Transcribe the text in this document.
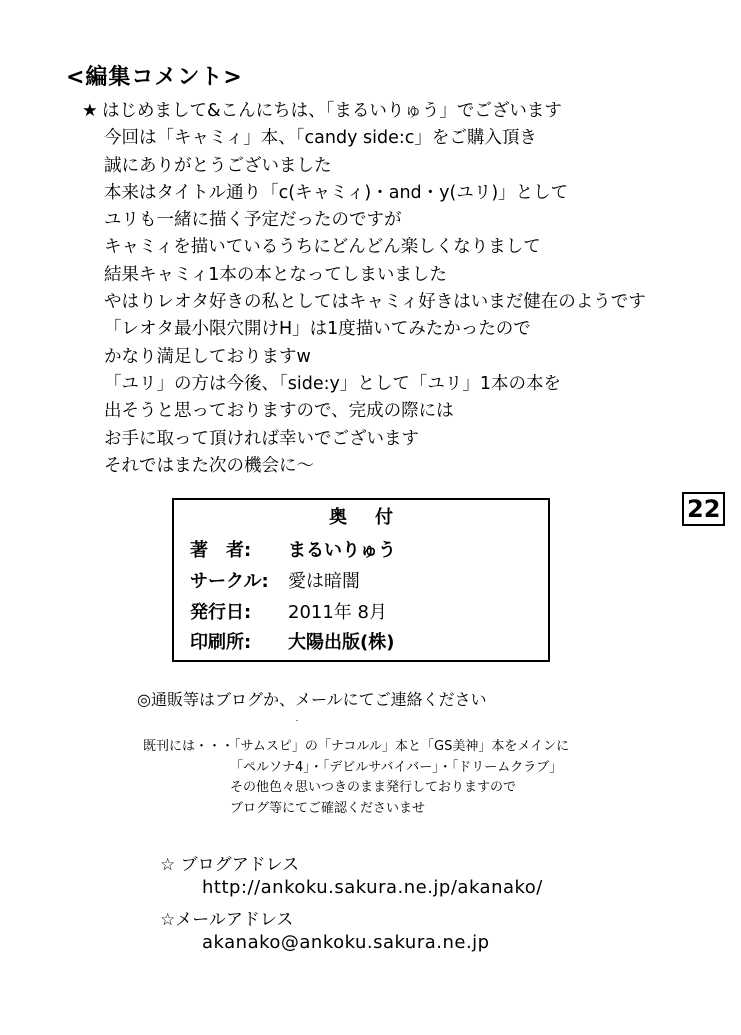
<編集コメント>
★ はじめまして&こんにちは、「まるいりゅう」でございます
今回は「キャミィ」本、「candy side:c」をご購入頂き
誠にありがとうございました
本来はタイトル通り「c(キャミィ)・and・y(ユリ)」として
ユリも一緒に描く予定だったのですが
キャミィを描いているうちにどんどん楽しくなりまして
結果キャミィ1本の本となってしまいました
やはりレオタ好きの私としてはキャミィ好きはいまだ健在のようです
「レオタ最小限穴開けH」は1度描いてみたかったので
かなり満足しておりますw
「ユリ」の方は今後、「side:y」として「ユリ」1本の本を
出そうと思っておりますので、完成の際には
お手に取って頂ければ幸いでございます
それではまた次の機会に～
22
奥付
著　者: まるいりゅう
サークル: 愛は暗闇
発行日: 2011年 8月
印刷所: 大陽出版(株)
◎通販等はブログか、メールにてご連絡ください
既刊には・・・「サムスピ」の「ナコルル」本と「GS美神」本をメインに
「ペルソナ4」・「デビルサバイバー」・「ドリームクラブ」
その他色々思いつきのまま発行しておりますので
ブログ等にてご確認くださいませ
☆ ブログアドレス
http://ankoku.sakura.ne.jp/akanako/
☆メールアドレス
akanako@ankoku.sakura.ne.jp
